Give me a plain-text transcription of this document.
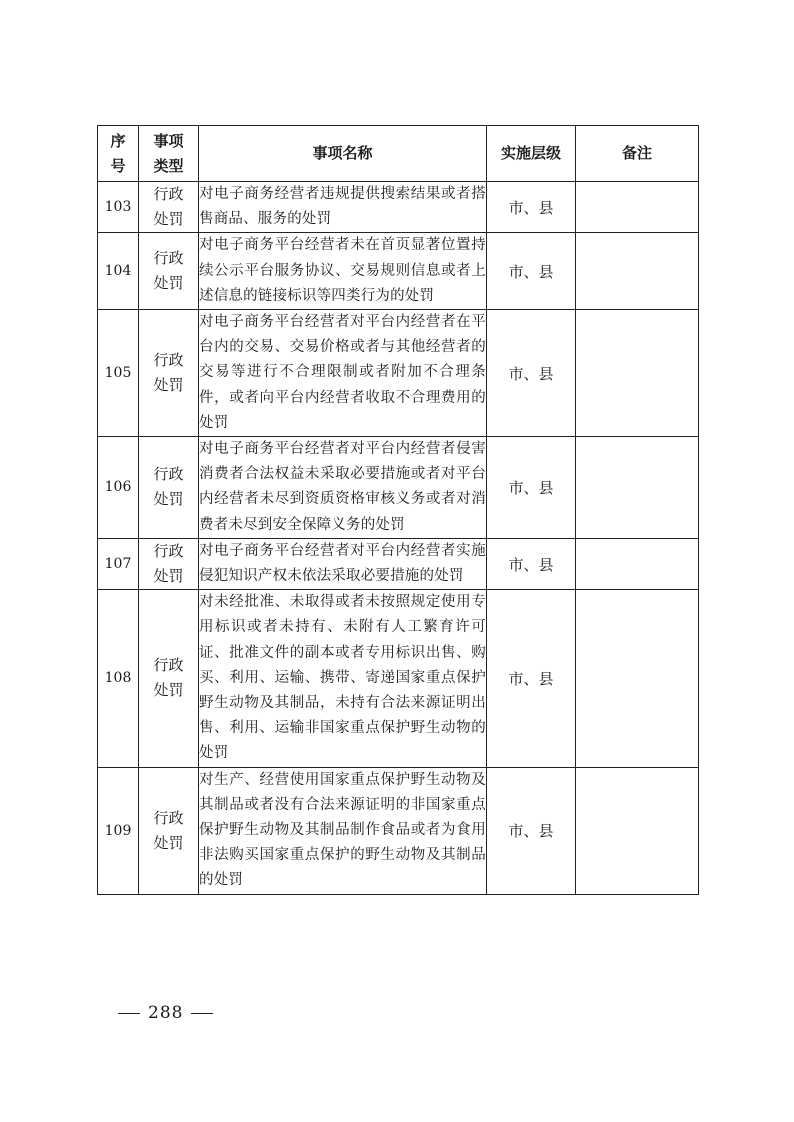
序号	事项类型	事项名称	实施层级	备注
103	行政处罚	对电子商务经营者违规提供搜索结果或者搭售商品、服务的处罚	市、县	
104	行政处罚	对电子商务平台经营者未在首页显著位置持续公示平台服务协议、交易规则信息或者上述信息的链接标识等四类行为的处罚	市、县	
105	行政处罚	对电子商务平台经营者对平台内经营者在平台内的交易、交易价格或者与其他经营者的交易等进行不合理限制或者附加不合理条件，或者向平台内经营者收取不合理费用的处罚	市、县	
106	行政处罚	对电子商务平台经营者对平台内经营者侵害消费者合法权益未采取必要措施或者对平台内经营者未尽到资质资格审核义务或者对消费者未尽到安全保障义务的处罚	市、县	
107	行政处罚	对电子商务平台经营者对平台内经营者实施侵犯知识产权未依法采取必要措施的处罚	市、县	
108	行政处罚	对未经批准、未取得或者未按照规定使用专用标识或者未持有、未附有人工繁育许可证、批准文件的副本或者专用标识出售、购买、利用、运输、携带、寄递国家重点保护野生动物及其制品，未持有合法来源证明出售、利用、运输非国家重点保护野生动物的处罚	市、县	
109	行政处罚	对生产、经营使用国家重点保护野生动物及其制品或者没有合法来源证明的非国家重点保护野生动物及其制品制作食品或者为食用非法购买国家重点保护的野生动物及其制品的处罚	市、县	
288
